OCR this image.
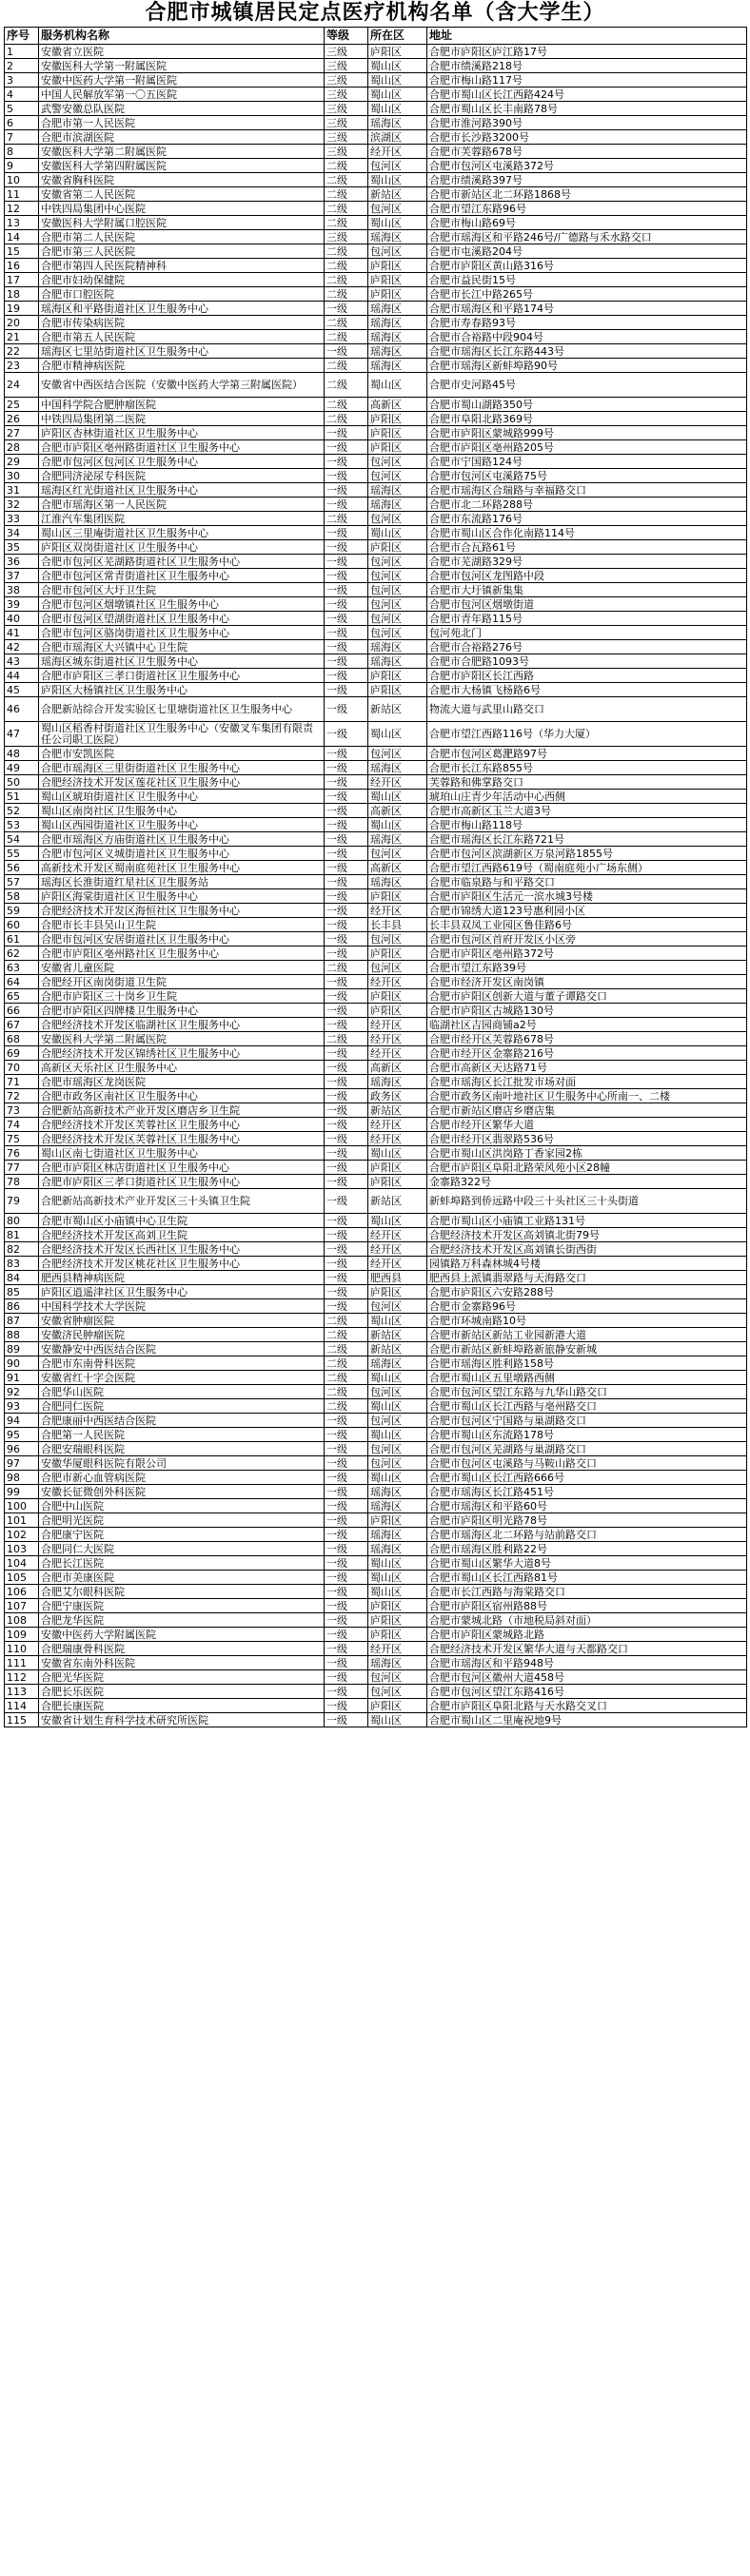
合肥市城镇居民定点医疗机构名单（含大学生）
序号	服务机构名称	等级	所在区	地址
1	安徽省立医院	三级	庐阳区	合肥市庐阳区庐江路17号
2	安徽医科大学第一附属医院	三级	蜀山区	合肥市绩溪路218号
3	安徽中医药大学第一附属医院	三级	蜀山区	合肥市梅山路117号
4	中国人民解放军第一〇五医院	三级	蜀山区	合肥市蜀山区长江西路424号
5	武警安徽总队医院	三级	蜀山区	合肥市蜀山区长丰南路78号
6	合肥市第一人民医院	三级	瑶海区	合肥市淮河路390号
7	合肥市滨湖医院	三级	滨湖区	合肥市长沙路3200号
8	安徽医科大学第二附属医院	三级	经开区	合肥市芙蓉路678号
9	安徽医科大学第四附属医院	二级	包河区	合肥市包河区屯溪路372号
10	安徽省胸科医院	二级	蜀山区	合肥市绩溪路397号
11	安徽省第二人民医院	二级	新站区	合肥市新站区北二环路1868号
12	中铁四局集团中心医院	二级	包河区	合肥市望江东路96号
13	安徽医科大学附属口腔医院	二级	蜀山区	合肥市梅山路69号
14	合肥市第二人民医院	三级	瑶海区	合肥市瑶海区和平路246号/广德路与禾水路交口
15	合肥市第三人民医院	二级	包河区	合肥市屯溪路204号
16	合肥市第四人民医院精神科	二级	庐阳区	合肥市庐阳区黄山路316号
17	合肥市妇幼保健院	二级	庐阳区	合肥市益民街15号
18	合肥市口腔医院	二级	庐阳区	合肥市长江中路265号
19	瑶海区和平路街道社区卫生服务中心	一级	瑶海区	合肥市瑶海区和平路174号
20	合肥市传染病医院	二级	瑶海区	合肥市寿春路93号
21	合肥市第五人民医院	二级	瑶海区	合肥市合裕路中段904号
22	瑶海区七里站街道社区卫生服务中心	一级	瑶海区	合肥市瑶海区长江东路443号
23	合肥市精神病医院	二级	瑶海区	合肥市瑶海区新蚌埠路90号
24	安徽省中西医结合医院（安徽中医药大学第三附属医院）	二级	蜀山区	合肥市史河路45号
25	中国科学院合肥肿瘤医院	二级	高新区	合肥市蜀山湖路350号
26	中铁四局集团第二医院	二级	庐阳区	合肥市阜阳北路369号
27	庐阳区杏林街道社区卫生服务中心	一级	庐阳区	合肥市庐阳区蒙城路999号
28	合肥市庐阳区亳州路街道社区卫生服务中心	一级	庐阳区	合肥市庐阳区亳州路205号
29	合肥市包河区包河区卫生服务中心	一级	包河区	合肥市宁国路124号
30	合肥同济泌尿专科医院	一级	包河区	合肥市包河区屯溪路75号
31	瑶海区红光街道社区卫生服务中心	一级	瑶海区	合肥市瑶海区合瑞路与幸福路交口
32	合肥市瑶海区第一人民医院	一级	瑶海区	合肥市北二环路288号
33	江淮汽车集团医院	二级	包河区	合肥市东流路176号
34	蜀山区三里庵街道社区卫生服务中心	一级	蜀山区	合肥市蜀山区合作化南路114号
35	庐阳区双岗街道社区卫生服务中心	一级	庐阳区	合肥市合瓦路61号
36	合肥市包河区芜湖路街道社区卫生服务中心	一级	包河区	合肥市芜湖路329号
37	合肥市包河区常青街道社区卫生服务中心	一级	包河区	合肥市包河区龙图路中段
38	合肥市包河区大圩卫生院	一级	包河区	合肥市大圩镇新集集
39	合肥市包河区烟墩镇社区卫生服务中心	一级	包河区	合肥市包河区烟墩街道
40	合肥市包河区望湖街道社区卫生服务中心	一级	包河区	合肥市青年路115号
41	合肥市包河区骆岗街道社区卫生服务中心	一级	包河区	包河苑北门
42	合肥市瑶海区大兴镇中心卫生院	一级	瑶海区	合肥市合裕路276号
43	瑶海区城东街道社区卫生服务中心	一级	瑶海区	合肥市合肥路1093号
44	合肥市庐阳区三孝口街道社区卫生服务中心	一级	庐阳区	合肥市庐阳区长江西路
45	庐阳区大杨镇社区卫生服务中心	一级	庐阳区	合肥市大杨镇飞杨路6号
46	合肥新站综合开发实验区七里塘街道社区卫生服务中心	一级	新站区	物流大道与武里山路交口
47	蜀山区稻香村街道社区卫生服务中心（安徽叉车集团有限责任公司职工医院）	一级	蜀山区	合肥市望江西路116号（华力大厦）
48	合肥市安凯医院	一级	包河区	合肥市包河区葛淝路97号
49	合肥市瑶海区三里街街道社区卫生服务中心	一级	瑶海区	合肥市长江东路855号
50	合肥经济技术开发区莲花社区卫生服务中心	一级	经开区	芙蓉路和佛掌路交口
51	蜀山区琥珀街道社区卫生服务中心	一级	蜀山区	琥珀山庄青少年活动中心西侧
52	蜀山区南岗社区卫生服务中心	一级	高新区	合肥市高新区玉兰大道3号
53	蜀山区西园街道社区卫生服务中心	一级	蜀山区	合肥市梅山路118号
54	合肥市瑶海区方庙街道社区卫生服务中心	一级	瑶海区	合肥市瑶海区长江东路721号
55	合肥市包河区义城街道社区卫生服务中心	一级	包河区	合肥市包河区滨湖新区万泉河路1855号
56	高新技术开发区蜀南庭苑社区卫生服务中心	一级	高新区	合肥市望江西路619号（蜀南庭苑小广场东侧）
57	瑶海区长淮街道红星社区卫生服务站	一级	瑶海区	合肥市临泉路与和平路交口
58	庐阳区海棠街道社区卫生服务中心	一级	庐阳区	合肥市庐阳区生活元一滨水城3号楼
59	合肥经济技术开发区海恒社区卫生服务中心	一级	经开区	合肥市锦绣大道123号惠利园小区
60	合肥市长丰县吴山卫生院	一级	长丰县	长丰县双凤工业园区鲁佳路6号
61	合肥市包河区安居街道社区卫生服务中心	一级	包河区	合肥市包河区首府开发区小区旁
62	合肥市庐阳区亳州路社区卫生服务中心	一级	庐阳区	合肥市庐阳区亳州路372号
63	安徽省儿童医院	二级	包河区	合肥市望江东路39号
64	合肥经开区南岗街道卫生院	一级	经开区	合肥市经济开发区南岗镇
65	合肥市庐阳区三十岗乡卫生院	一级	庐阳区	合肥市庐阳区创新大道与董子谭路交口
66	合肥市庐阳区四牌楼卫生服务中心	一级	庐阳区	合肥市庐阳区古城路130号
67	合肥经济技术开发区临湖社区卫生服务中心	一级	经开区	临湖社区吉园商铺a2号
68	安徽医科大学第二附属医院	二级	经开区	合肥市经开区芙蓉路678号
69	合肥经济技术开发区锦绣社区卫生服务中心	一级	经开区	合肥市经开区金寨路216号
70	高新区天乐社区卫生服务中心	一级	高新区	合肥市高新区天达路71号
71	合肥市瑶海区龙岗医院	一级	瑶海区	合肥市瑶海区长江批发市场对面
72	合肥市政务区南社区卫生服务中心	一级	政务区	合肥市政务区南叶地社区卫生服务中心所南一、二楼
73	合肥新站高新技术产业开发区磨店乡卫生院	一级	新站区	合肥市新站区磨店乡磨店集
74	合肥经济技术开发区芙蓉社区卫生服务中心	一级	经开区	合肥市经开区繁华大道
75	合肥经济技术开发区芙蓉社区卫生服务中心	一级	经开区	合肥市经开区翡翠路536号
76	蜀山区南七街道社区卫生服务中心	一级	蜀山区	合肥市蜀山区洪岗路丁香家园2栋
77	合肥市庐阳区林店街道社区卫生服务中心	一级	庐阳区	合肥市庐阳区阜阳北路荣风苑小区28幢
78	合肥市庐阳区三孝口街道社区卫生服务中心	一级	庐阳区	金寨路322号
79	合肥新站高新技术产业开发区三十头镇卫生院	一级	新站区	新蚌埠路到侨远路中段三十头社区三十头街道
80	合肥市蜀山区小庙镇中心卫生院	一级	蜀山区	合肥市蜀山区小庙镇工业路131号
81	合肥经济技术开发区高刘卫生院	一级	经开区	合肥经济技术开发区高刘镇北街79号
82	合肥经济技术开发区长西社区卫生服务中心	一级	经开区	合肥经济技术开发区高刘镇长街西街
83	合肥经济技术开发区桃花社区卫生服务中心	一级	经开区	园镇路万科森林城4号楼
84	肥西县精神病医院	一级	肥西县	肥西县上派镇翡翠路与天海路交口
85	庐阳区逍遥津社区卫生服务中心	一级	庐阳区	合肥市庐阳区六安路288号
86	中国科学技术大学医院	一级	包河区	合肥市金寨路96号
87	安徽省肿瘤医院	二级	蜀山区	合肥市环城南路10号
88	安徽济民肿瘤医院	二级	新站区	合肥市新站区新站工业园新港大道
89	安徽静安中西医结合医院	二级	新站区	合肥市新站区新蚌埠路新旅静安新城
90	合肥市东南骨科医院	二级	瑶海区	合肥市瑶海区胜利路158号
91	安徽省红十字会医院	二级	蜀山区	合肥市蜀山区五里墩路西侧
92	合肥华山医院	二级	包河区	合肥市包河区望江东路与九华山路交口
93	合肥同仁医院	二级	蜀山区	合肥市蜀山区长江西路与亳州路交口
94	合肥康丽中西医结合医院	一级	包河区	合肥市包河区宁国路与巢湖路交口
95	合肥第一人民医院	一级	蜀山区	合肥市蜀山区东流路178号
96	合肥安瑞眼科医院	一级	包河区	合肥市包河区芜湖路与巢湖路交口
97	安徽华厦眼科医院有限公司	一级	包河区	合肥市包河区屯溪路与马鞍山路交口
98	合肥市新心血管病医院	一级	蜀山区	合肥市蜀山区长江西路666号
99	安徽长征微创外科医院	一级	瑶海区	合肥市瑶海区长江路451号
100	合肥中山医院	一级	瑶海区	合肥市瑶海区和平路60号
101	合肥明光医院	一级	庐阳区	合肥市庐阳区明光路78号
102	合肥康宁医院	一级	瑶海区	合肥市瑶海区北二环路与站前路交口
103	合肥同仁大医院	一级	瑶海区	合肥市瑶海区胜利路22号
104	合肥长江医院	一级	蜀山区	合肥市蜀山区繁华大道8号
105	合肥市美康医院	一级	蜀山区	合肥市蜀山区长江西路81号
106	合肥艾尔眼科医院	一级	蜀山区	合肥市长江西路与海棠路交口
107	合肥宁康医院	一级	庐阳区	合肥市庐阳区宿州路88号
108	合肥龙华医院	一级	庐阳区	合肥市蒙城北路（市地税局斜对面）
109	安徽中医药大学附属医院	一级	庐阳区	合肥市庐阳区蒙城路北路
110	合肥瑞康骨科医院	一级	经开区	合肥经济技术开发区繁华大道与天都路交口
111	安徽省东南外科医院	一级	瑶海区	合肥市瑶海区和平路948号
112	合肥光华医院	一级	包河区	合肥市包河区徽州大道458号
113	合肥长乐医院	一级	包河区	合肥市包河区望江东路416号
114	合肥长康医院	一级	庐阳区	合肥市庐阳区阜阳北路与天水路交叉口
115	安徽省计划生育科学技术研究所医院	一级	蜀山区	合肥市蜀山区二里庵祝地9号
